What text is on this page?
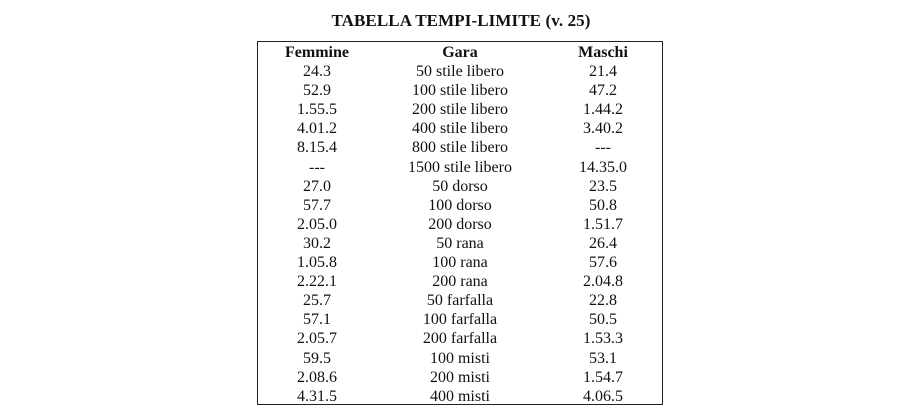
TABELLA TEMPI-LIMITE (v. 25)
Femmine	Gara	Maschi
24.3	50 stile libero	21.4
52.9	100 stile libero	47.2
1.55.5	200 stile libero	1.44.2
4.01.2	400 stile libero	3.40.2
8.15.4	800 stile libero	---
---	1500 stile libero	14.35.0
27.0	50 dorso	23.5
57.7	100 dorso	50.8
2.05.0	200 dorso	1.51.7
30.2	50 rana	26.4
1.05.8	100 rana	57.6
2.22.1	200 rana	2.04.8
25.7	50 farfalla	22.8
57.1	100 farfalla	50.5
2.05.7	200 farfalla	1.53.3
59.5	100 misti	53.1
2.08.6	200 misti	1.54.7
4.31.5	400 misti	4.06.5
